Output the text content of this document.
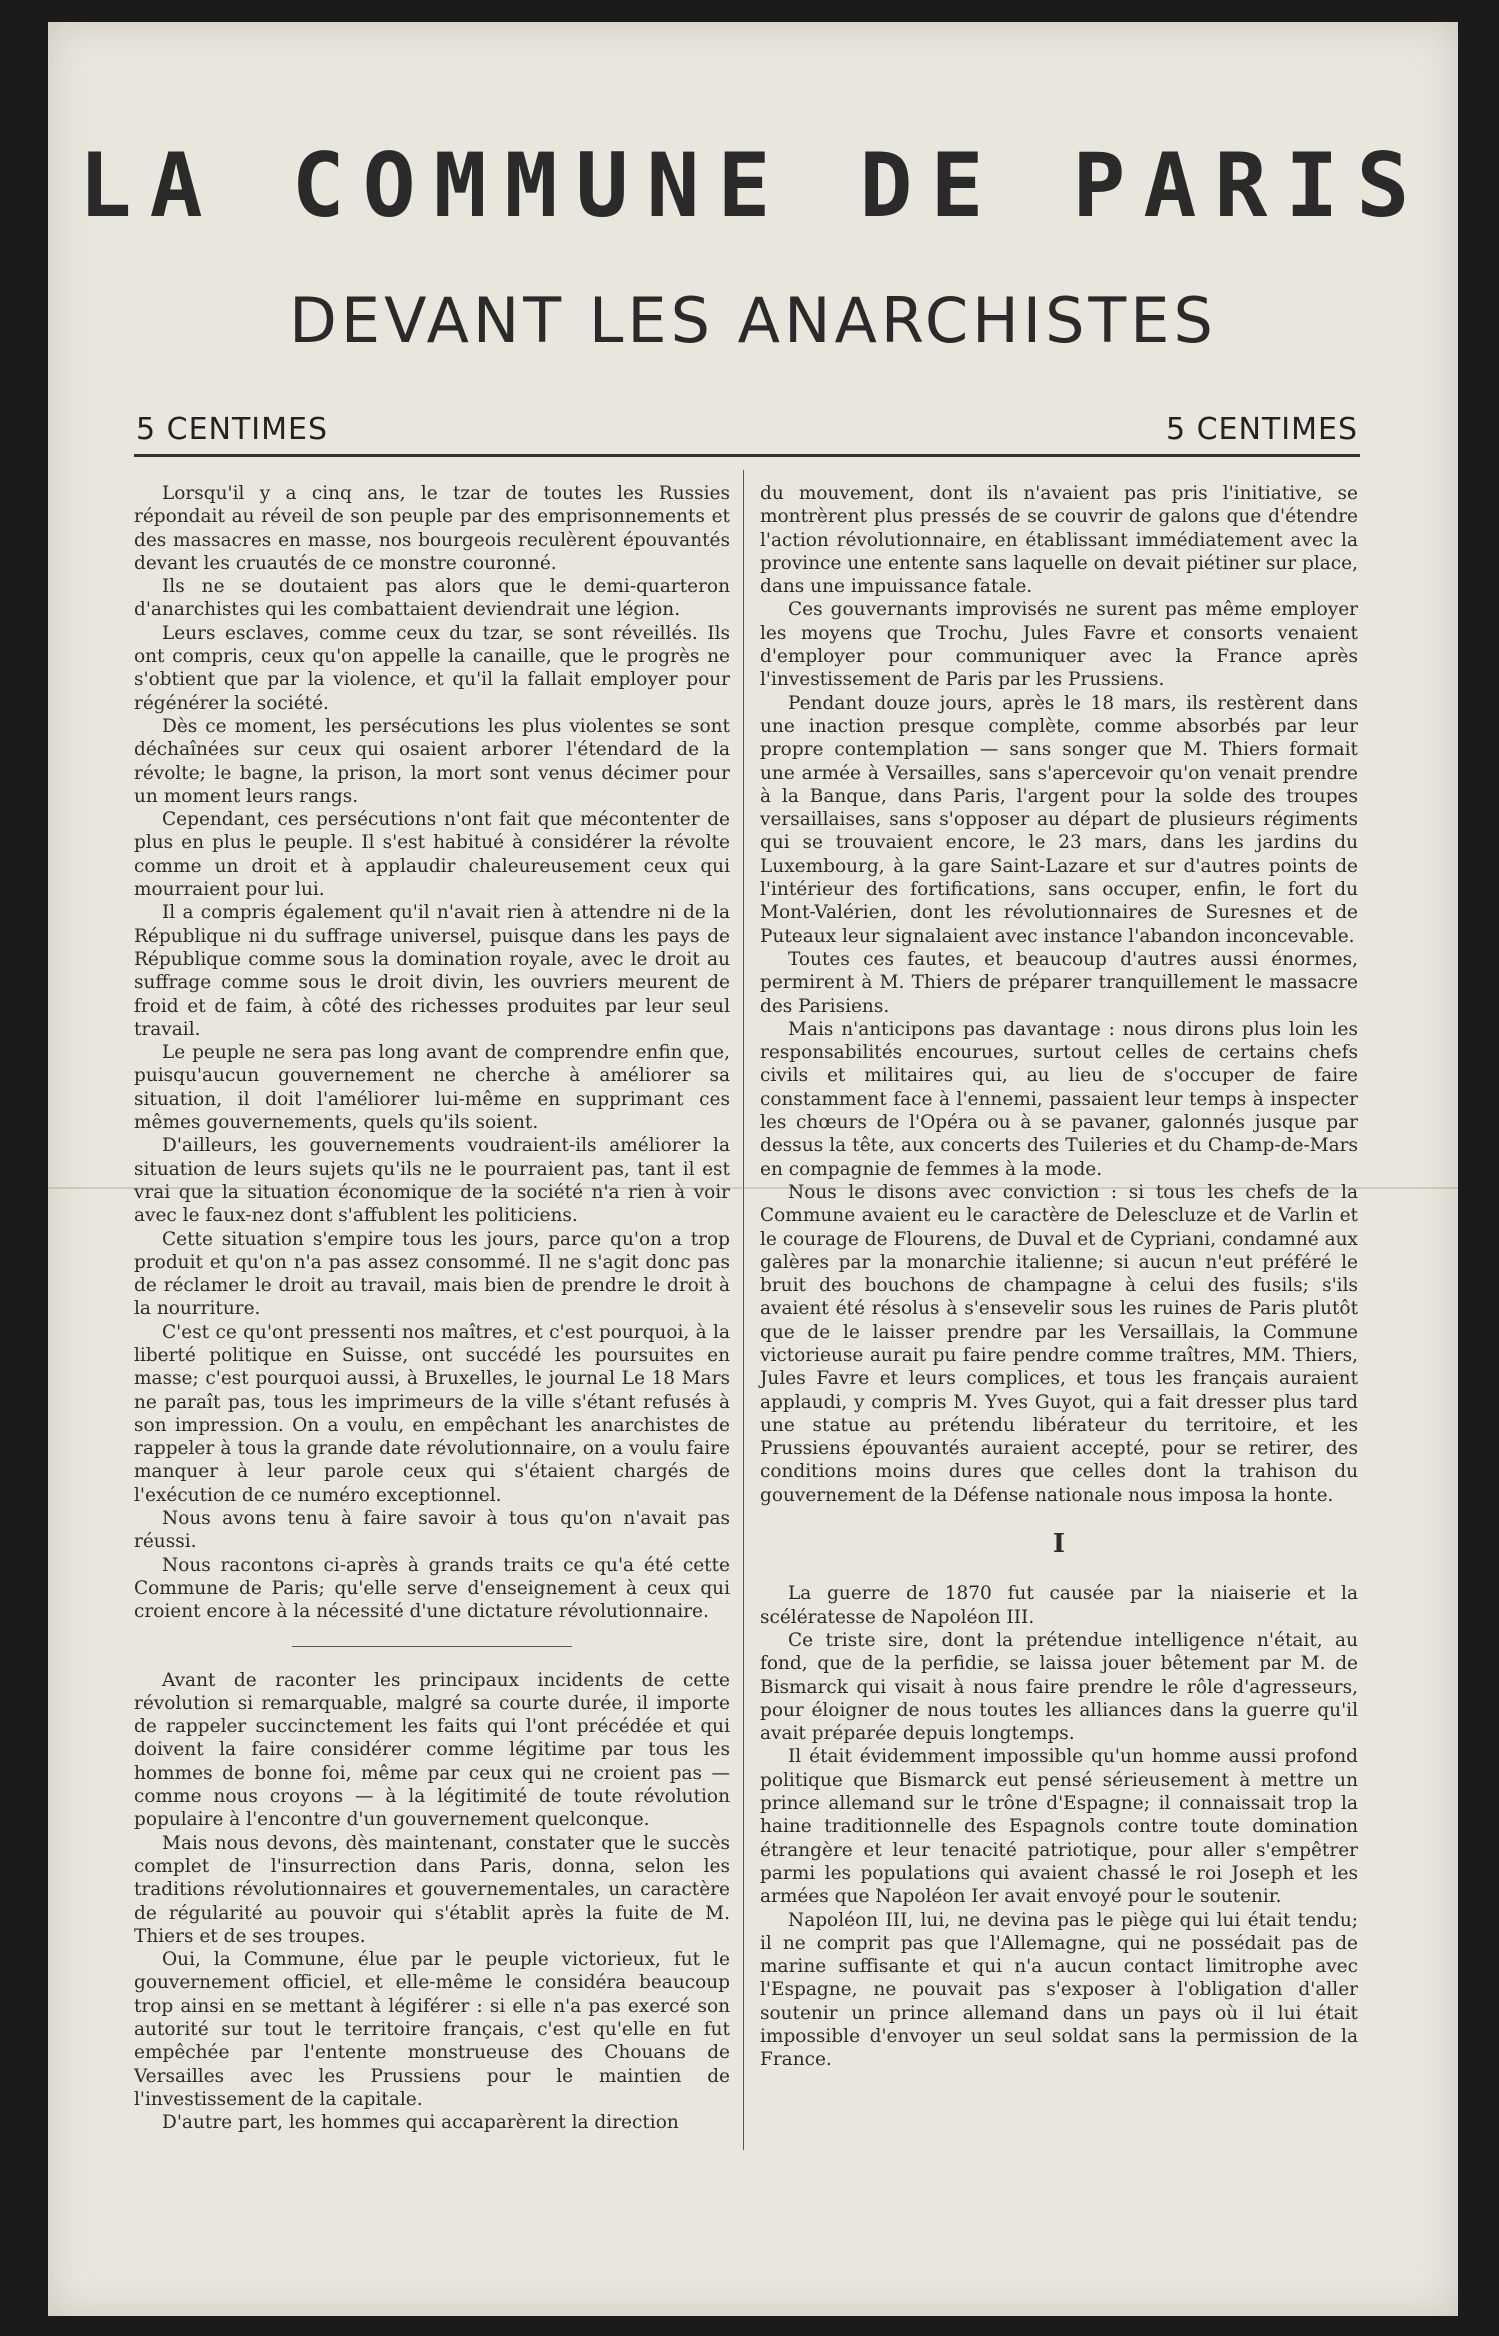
LA COMMUNE DE PARIS
DEVANT LES ANARCHISTES
5 CENTIMES	5 CENTIMES

Lorsqu'il y a cinq ans, le tzar de toutes les Russies répondait au réveil de son peuple par des emprisonnements et des massacres en masse, nos bourgeois reculèrent épouvantés devant les cruautés de ce monstre couronné.

Ils ne se doutaient pas alors que le demi-quarteron d'anarchistes qui les combattaient deviendrait une légion.

Leurs esclaves, comme ceux du tzar, se sont réveillés. Ils ont compris, ceux qu'on appelle la canaille, que le progrès ne s'obtient que par la violence, et qu'il la fallait employer pour régénérer la société.

Dès ce moment, les persécutions les plus violentes se sont déchaînées sur ceux qui osaient arborer l'étendard de la révolte; le bagne, la prison, la mort sont venus décimer pour un moment leurs rangs.

Cependant, ces persécutions n'ont fait que mécontenter de plus en plus le peuple. Il s'est habitué à considérer la révolte comme un droit et à applaudir chaleureusement ceux qui mourraient pour lui.

Il a compris également qu'il n'avait rien à attendre ni de la République ni du suffrage universel, puisque dans les pays de République comme sous la domination royale, avec le droit au suffrage comme sous le droit divin, les ouvriers meurent de froid et de faim, à côté des richesses produites par leur seul travail.

Le peuple ne sera pas long avant de comprendre enfin que, puisqu'aucun gouvernement ne cherche à améliorer sa situation, il doit l'améliorer lui-même en supprimant ces mêmes gouvernements, quels qu'ils soient.

D'ailleurs, les gouvernements voudraient-ils améliorer la situation de leurs sujets qu'ils ne le pourraient pas, tant il est vrai que la situation économique de la société n'a rien à voir avec le faux-nez dont s'affublent les politiciens.

Cette situation s'empire tous les jours, parce qu'on a trop produit et qu'on n'a pas assez consommé. Il ne s'agit donc pas de réclamer le droit au travail, mais bien de prendre le droit à la nourriture.

C'est ce qu'ont pressenti nos maîtres, et c'est pourquoi, à la liberté politique en Suisse, ont succédé les poursuites en masse; c'est pourquoi aussi, à Bruxelles, le journal Le 18 Mars ne paraît pas, tous les imprimeurs de la ville s'étant refusés à son impression. On a voulu, en empêchant les anarchistes de rappeler à tous la grande date révolutionnaire, on a voulu faire manquer à leur parole ceux qui s'étaient chargés de l'exécution de ce numéro exceptionnel.

Nous avons tenu à faire savoir à tous qu'on n'avait pas réussi.

Nous racontons ci-après à grands traits ce qu'a été cette Commune de Paris; qu'elle serve d'enseignement à ceux qui croient encore à la nécessité d'une dictature révolutionnaire.

Avant de raconter les principaux incidents de cette révolution si remarquable, malgré sa courte durée, il importe de rappeler succinctement les faits qui l'ont précédée et qui doivent la faire considérer comme légitime par tous les hommes de bonne foi, même par ceux qui ne croient pas — comme nous croyons — à la légitimité de toute révolution populaire à l'encontre d'un gouvernement quelconque.

Mais nous devons, dès maintenant, constater que le succès complet de l'insurrection dans Paris, donna, selon les traditions révolutionnaires et gouvernementales, un caractère de régularité au pouvoir qui s'établit après la fuite de M. Thiers et de ses troupes.

Oui, la Commune, élue par le peuple victorieux, fut le gouvernement officiel, et elle-même le considéra beaucoup trop ainsi en se mettant à légiférer : si elle n'a pas exercé son autorité sur tout le territoire français, c'est qu'elle en fut empêchée par l'entente monstrueuse des Chouans de Versailles avec les Prussiens pour le maintien de l'investissement de la capitale.

D'autre part, les hommes qui accaparèrent la direction

du mouvement, dont ils n'avaient pas pris l'initiative, se montrèrent plus pressés de se couvrir de galons que d'étendre l'action révolutionnaire, en établissant immédiatement avec la province une entente sans laquelle on devait piétiner sur place, dans une impuissance fatale.

Ces gouvernants improvisés ne surent pas même employer les moyens que Trochu, Jules Favre et consorts venaient d'employer pour communiquer avec la France après l'investissement de Paris par les Prussiens.

Pendant douze jours, après le 18 mars, ils restèrent dans une inaction presque complète, comme absorbés par leur propre contemplation — sans songer que M. Thiers formait une armée à Versailles, sans s'apercevoir qu'on venait prendre à la Banque, dans Paris, l'argent pour la solde des troupes versaillaises, sans s'opposer au départ de plusieurs régiments qui se trouvaient encore, le 23 mars, dans les jardins du Luxembourg, à la gare Saint-Lazare et sur d'autres points de l'intérieur des fortifications, sans occuper, enfin, le fort du Mont-Valérien, dont les révolutionnaires de Suresnes et de Puteaux leur signalaient avec instance l'abandon inconcevable.

Toutes ces fautes, et beaucoup d'autres aussi énormes, permirent à M. Thiers de préparer tranquillement le massacre des Parisiens.

Mais n'anticipons pas davantage : nous dirons plus loin les responsabilités encourues, surtout celles de certains chefs civils et militaires qui, au lieu de s'occuper de faire constamment face à l'ennemi, passaient leur temps à inspecter les chœurs de l'Opéra ou à se pavaner, galonnés jusque par dessus la tête, aux concerts des Tuileries et du Champ-de-Mars en compagnie de femmes à la mode.

Nous le disons avec conviction : si tous les chefs de la Commune avaient eu le caractère de Delescluze et de Varlin et le courage de Flourens, de Duval et de Cypriani, condamné aux galères par la monarchie italienne; si aucun n'eut préféré le bruit des bouchons de champagne à celui des fusils; s'ils avaient été résolus à s'ensevelir sous les ruines de Paris plutôt que de le laisser prendre par les Versaillais, la Commune victorieuse aurait pu faire pendre comme traîtres, MM. Thiers, Jules Favre et leurs complices, et tous les français auraient applaudi, y compris M. Yves Guyot, qui a fait dresser plus tard une statue au prétendu libérateur du territoire, et les Prussiens épouvantés auraient accepté, pour se retirer, des conditions moins dures que celles dont la trahison du gouvernement de la Défense nationale nous imposa la honte.

I

La guerre de 1870 fut causée par la niaiserie et la scélératesse de Napoléon III.

Ce triste sire, dont la prétendue intelligence n'était, au fond, que de la perfidie, se laissa jouer bêtement par M. de Bismarck qui visait à nous faire prendre le rôle d'agresseurs, pour éloigner de nous toutes les alliances dans la guerre qu'il avait préparée depuis longtemps.

Il était évidemment impossible qu'un homme aussi profond politique que Bismarck eut pensé sérieusement à mettre un prince allemand sur le trône d'Espagne; il connaissait trop la haine traditionnelle des Espagnols contre toute domination étrangère et leur tenacité patriotique, pour aller s'empêtrer parmi les populations qui avaient chassé le roi Joseph et les armées que Napoléon Ier avait envoyé pour le soutenir.

Napoléon III, lui, ne devina pas le piège qui lui était tendu; il ne comprit pas que l'Allemagne, qui ne possédait pas de marine suffisante et qui n'a aucun contact limitrophe avec l'Espagne, ne pouvait pas s'exposer à l'obligation d'aller soutenir un prince allemand dans un pays où il lui était impossible d'envoyer un seul soldat sans la permission de la France.
